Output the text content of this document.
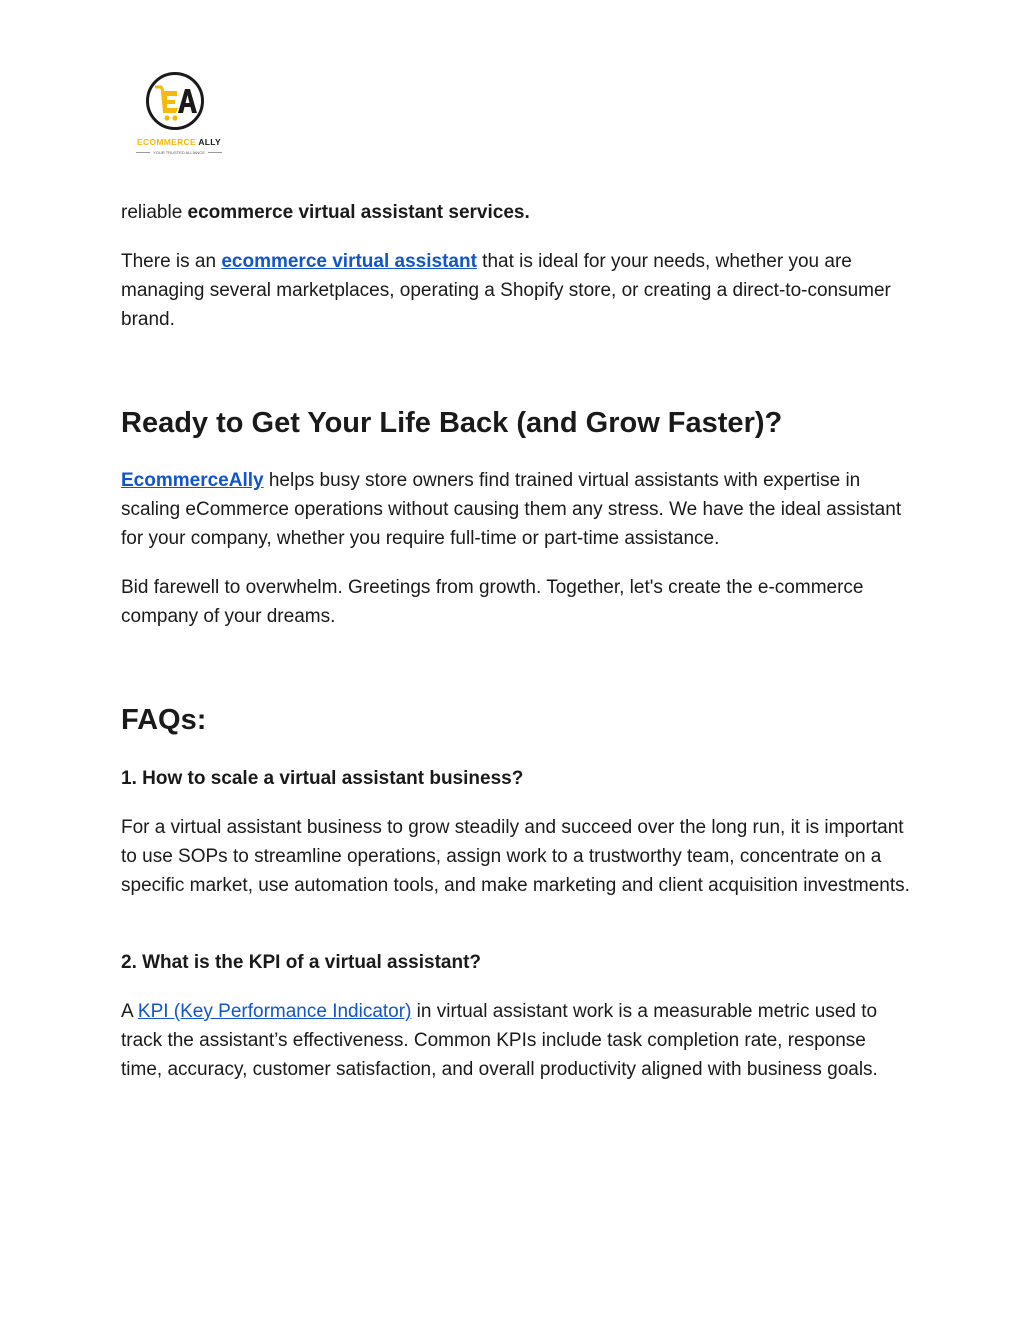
ECOMMERCE ALLY
YOUR TRUSTED ALLIANCE

reliable ecommerce virtual assistant services.

There is an ecommerce virtual assistant that is ideal for your needs, whether you are managing several marketplaces, operating a Shopify store, or creating a direct-to-consumer brand.

Ready to Get Your Life Back (and Grow Faster)?

EcommerceAlly helps busy store owners find trained virtual assistants with expertise in scaling eCommerce operations without causing them any stress. We have the ideal assistant for your company, whether you require full-time or part-time assistance.

Bid farewell to overwhelm. Greetings from growth. Together, let's create the e-commerce company of your dreams.

FAQs:
1. How to scale a virtual assistant business?

For a virtual assistant business to grow steadily and succeed over the long run, it is important to use SOPs to streamline operations, assign work to a trustworthy team, concentrate on a specific market, use automation tools, and make marketing and client acquisition investments.

2. What is the KPI of a virtual assistant?

A KPI (Key Performance Indicator) in virtual assistant work is a measurable metric used to track the assistant’s effectiveness. Common KPIs include task completion rate, response time, accuracy, customer satisfaction, and overall productivity aligned with business goals.
